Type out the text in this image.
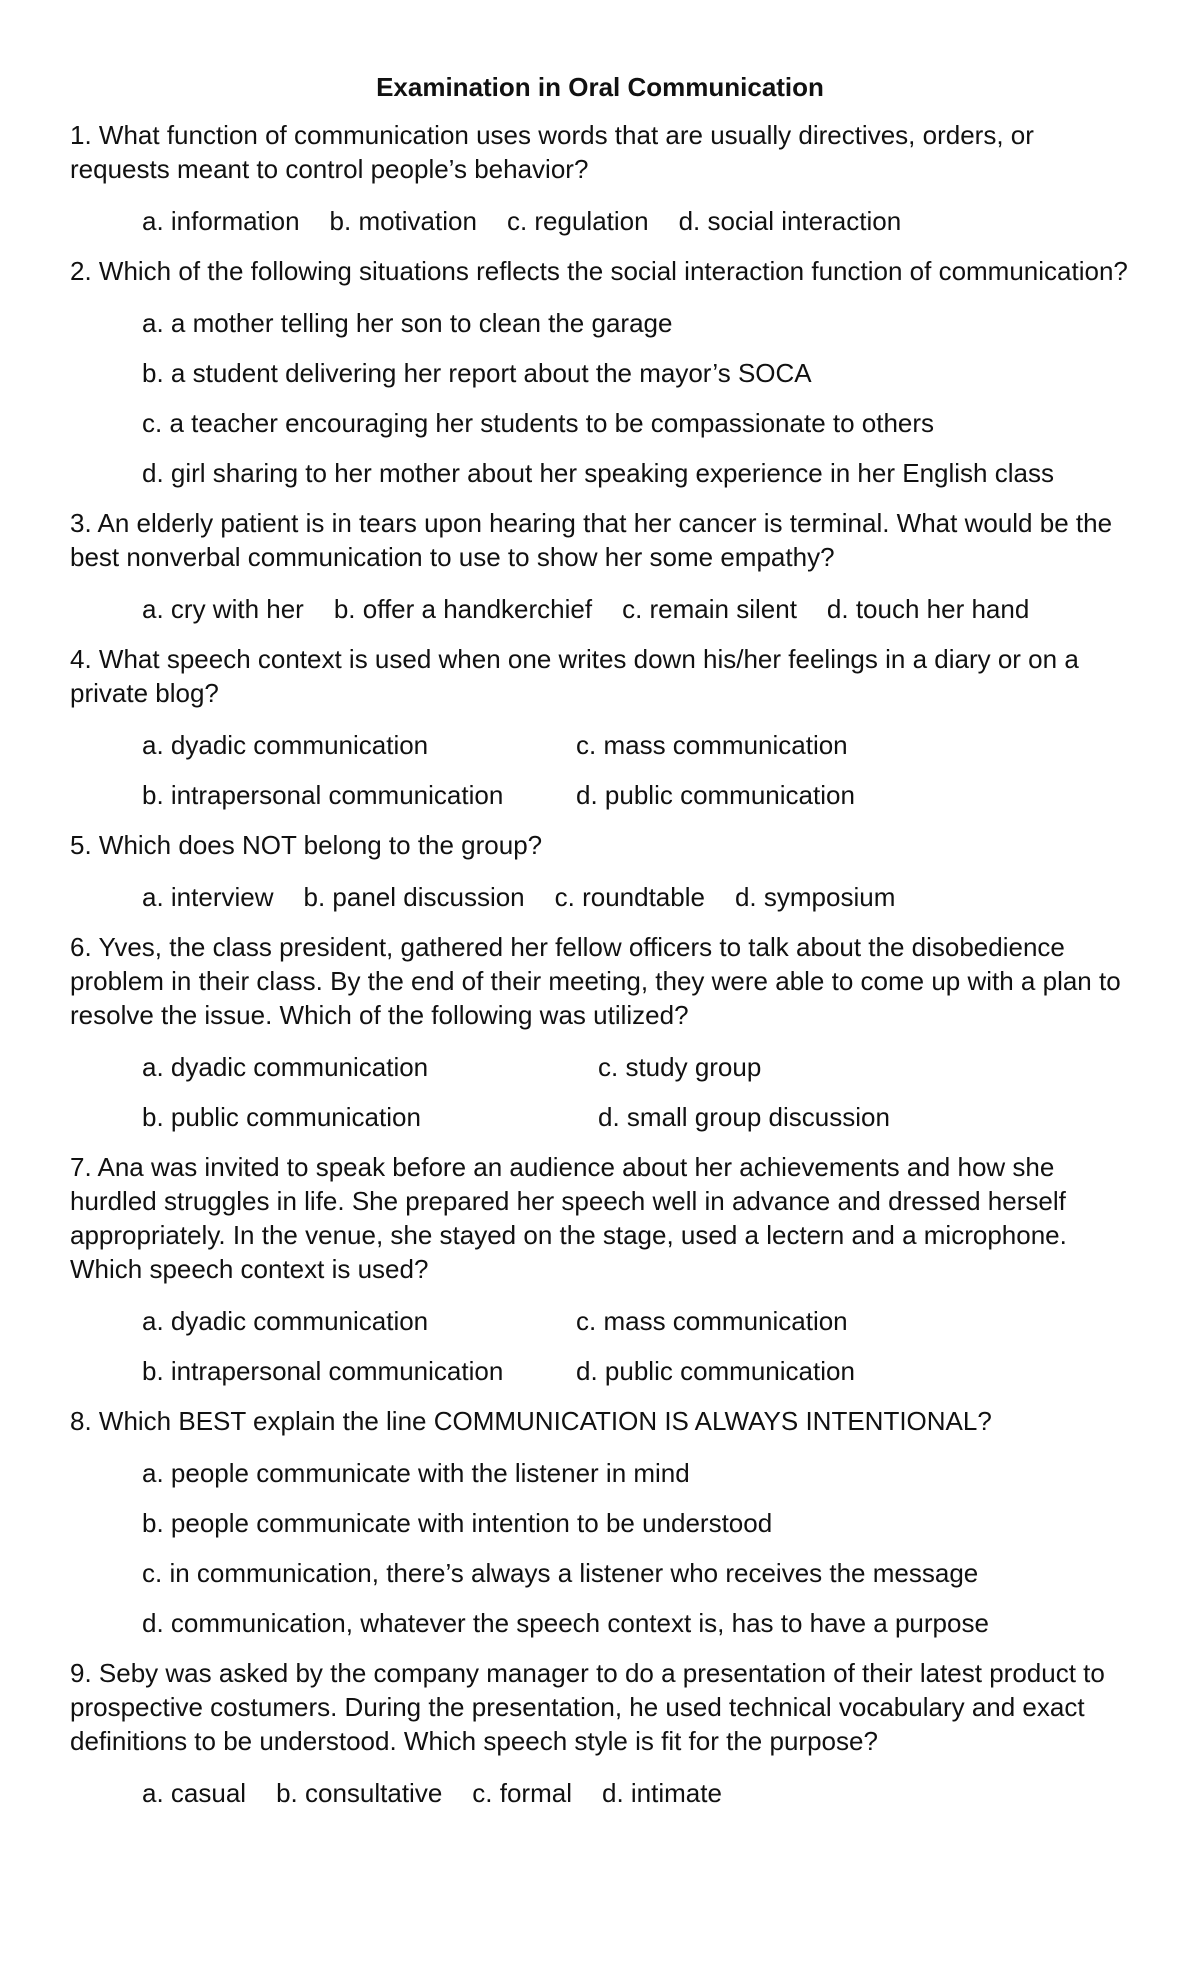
Examination in Oral Communication
1. What function of communication uses words that are usually directives, orders, or requests meant to control people’s behavior?
a. information b. motivation c. regulation d. social interaction
2. Which of the following situations reflects the social interaction function of communication?
a. a mother telling her son to clean the garage
b. a student delivering her report about the mayor’s SOCA
c. a teacher encouraging her students to be compassionate to others
d. girl sharing to her mother about her speaking experience in her English class
3. An elderly patient is in tears upon hearing that her cancer is terminal. What would be the best nonverbal communication to use to show her some empathy?
a. cry with her b. offer a handkerchief c. remain silent d. touch her hand
4. What speech context is used when one writes down his/her feelings in a diary or on a private blog?
a. dyadic communication	c. mass communication
b. intrapersonal communication	d. public communication
5. Which does NOT belong to the group?
a. interview b. panel discussion c. roundtable d. symposium
6. Yves, the class president, gathered her fellow officers to talk about the disobedience problem in their class. By the end of their meeting, they were able to come up with a plan to resolve the issue. Which of the following was utilized?
a. dyadic communication	c. study group
b. public communication	d. small group discussion
7. Ana was invited to speak before an audience about her achievements and how she hurdled struggles in life. She prepared her speech well in advance and dressed herself appropriately. In the venue, she stayed on the stage, used a lectern and a microphone. Which speech context is used?
a. dyadic communication	c. mass communication
b. intrapersonal communication	d. public communication
8. Which BEST explain the line COMMUNICATION IS ALWAYS INTENTIONAL?
a. people communicate with the listener in mind
b. people communicate with intention to be understood
c. in communication, there’s always a listener who receives the message
d. communication, whatever the speech context is, has to have a purpose
9. Seby was asked by the company manager to do a presentation of their latest product to prospective costumers. During the presentation, he used technical vocabulary and exact definitions to be understood. Which speech style is fit for the purpose?
a. casual b. consultative c. formal d. intimate
